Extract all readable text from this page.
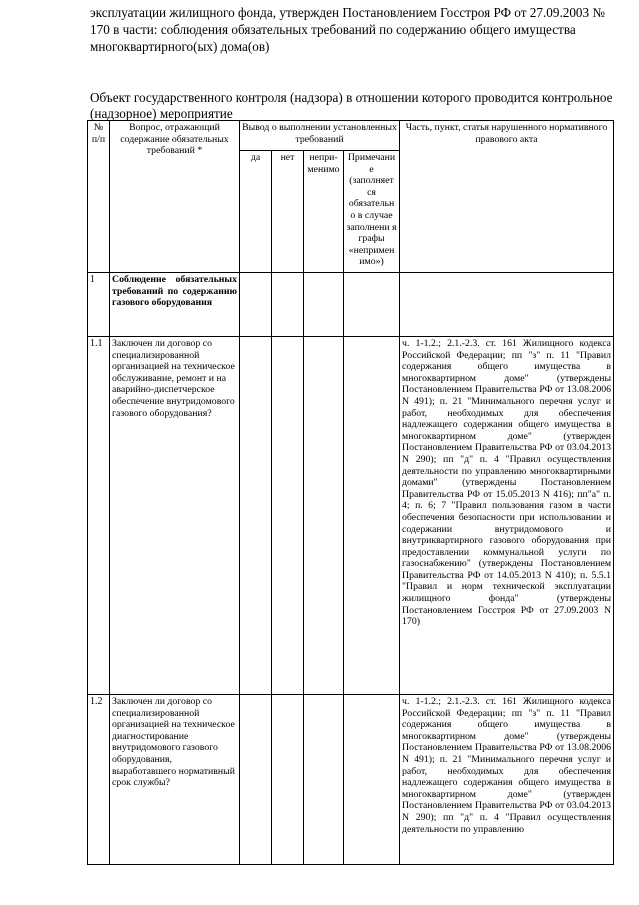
эксплуатации жилищного фонда, утвержден Постановлением Госстроя РФ от 27.09.2003 №

170 в части: соблюдения обязательных требований по содержанию общего имущества

многоквартирного(ых) дома(ов)

Объект государственного контроля (надзора) в отношении которого проводится контрольное
(надзорное) мероприятие
№ п/п	Вопрос, отражающий содержание обязательных требований *	Вывод о выполнении установленных требований				Часть, пункт, статья нарушенного нормативного правового акта
		да	нет	непри-менимо	Примечани е (заполняет ся обязательн о в случае заполнени я графы «непримен имо»)	
1	Соблюдение обязательных требований по содержанию газового оборудования					
1.1	Заключен ли договор со специализированной организацией на техническое обслуживание, ремонт и на аварийно-диспетчерское обеспечение внутридомового газового оборудования?					ч. 1-1.2.; 2.1.-2.3. ст. 161 Жилищного кодекса Российской Федерации; пп "з" п. 11 "Правил содержания общего имущества в многоквартирном доме" (утверждены Постановлением Правительства РФ от 13.08.2006 N 491); п. 21 "Минимального перечня услуг и работ, необходимых для обеспечения надлежащего содержания общего имущества в многоквартирном доме" (утвержден Постановлением Правительства РФ от 03.04.2013 N 290); пп "д" п. 4 "Правил осуществления деятельности по управлению многоквартирными домами" (утверждены Постановлением Правительства РФ от 15.05.2013 N 416); пп"а" п. 4; п. 6; 7 "Правил пользования газом в части обеспечения безопасности при использовании и содержании внутридомового и внутриквартирного газового оборудования при предоставлении коммунальной услуги по газоснабжению" (утверждены Постановлением Правительства РФ от 14.05.2013 N 410); п. 5.5.1 "Правил и норм технической эксплуатации жилищного фонда" (утверждены Постановлением Госстроя РФ от 27.09.2003 N 170)
1.2	Заключен ли договор со специализированной организацией на техническое диагностирование внутридомового газового оборудования, выработавшего нормативный срок службы?					ч. 1-1.2.; 2.1.-2.3. ст. 161 Жилищного кодекса Российской Федерации; пп "з" п. 11 "Правил содержания общего имущества в многоквартирном доме" (утверждены Постановлением Правительства РФ от 13.08.2006 N 491); п. 21 "Минимального перечня услуг и работ, необходимых для обеспечения надлежащего содержания общего имущества в многоквартирном доме" (утвержден Постановлением Правительства РФ от 03.04.2013 N 290); пп "д" п. 4 "Правил осуществления деятельности по управлению
